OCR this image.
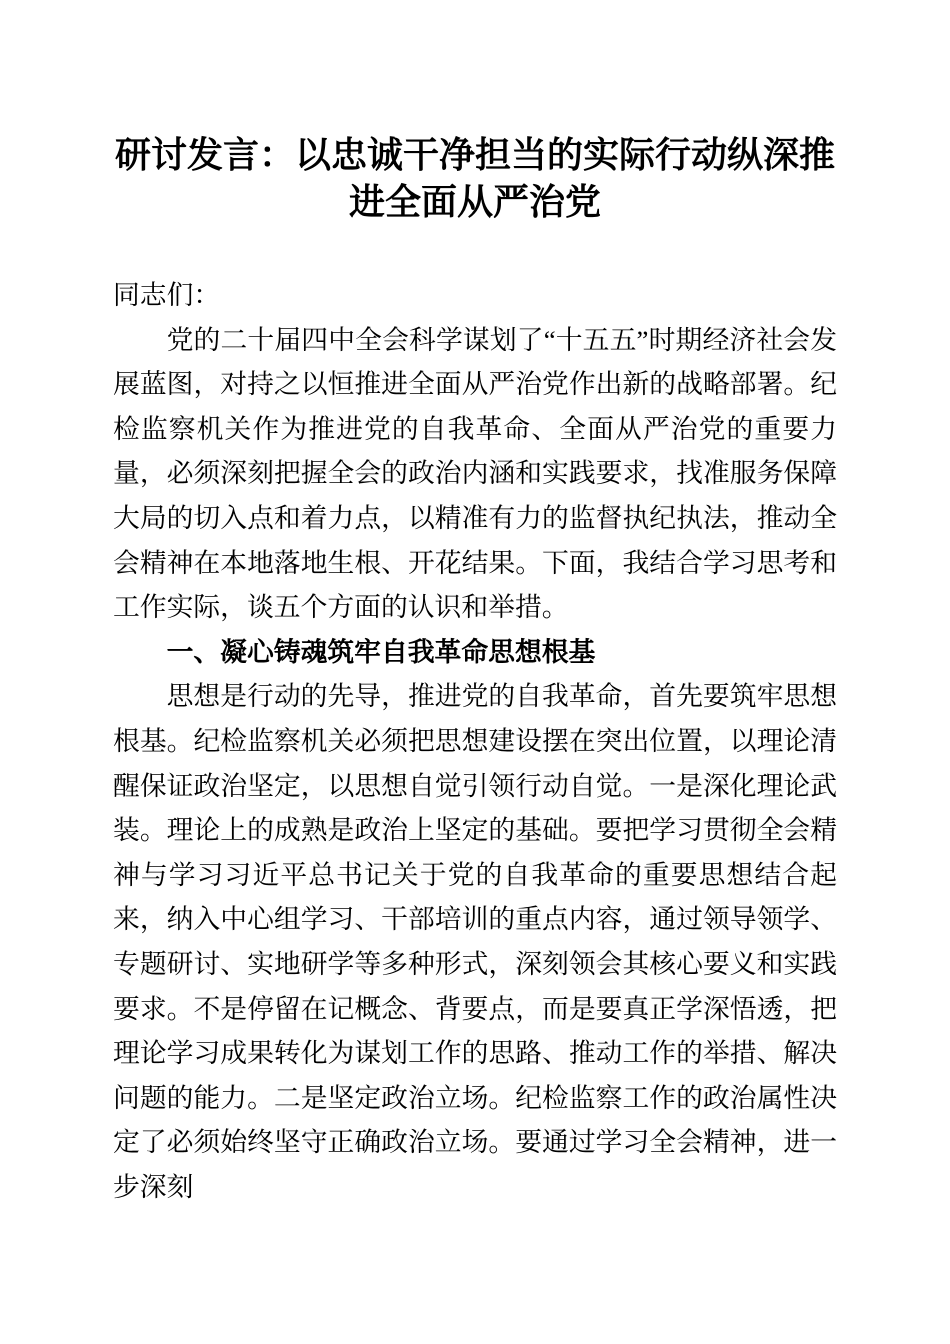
研讨发言：以忠诚干净担当的实际行动纵深推进全面从严治党

同志们：

党的二十届四中全会科学谋划了“十五五”时期经济社会发展蓝图，对持之以恒推进全面从严治党作出新的战略部署。纪检监察机关作为推进党的自我革命、全面从严治党的重要力量，必须深刻把握全会的政治内涵和实践要求，找准服务保障大局的切入点和着力点，以精准有力的监督执纪执法，推动全会精神在本地落地生根、开花结果。下面，我结合学习思考和工作实际，谈五个方面的认识和举措。

一、凝心铸魂筑牢自我革命思想根基

思想是行动的先导，推进党的自我革命，首先要筑牢思想根基。纪检监察机关必须把思想建设摆在突出位置，以理论清醒保证政治坚定，以思想自觉引领行动自觉。一是深化理论武装。理论上的成熟是政治上坚定的基础。要把学习贯彻全会精神与学习习近平总书记关于党的自我革命的重要思想结合起来，纳入中心组学习、干部培训的重点内容，通过领导领学、专题研讨、实地研学等多种形式，深刻领会其核心要义和实践要求。不是停留在记概念、背要点，而是要真正学深悟透，把理论学习成果转化为谋划工作的思路、推动工作的举措、解决问题的能力。二是坚定政治立场。纪检监察工作的政治属性决定了必须始终坚守正确政治立场。要通过学习全会精神，进一步深刻
